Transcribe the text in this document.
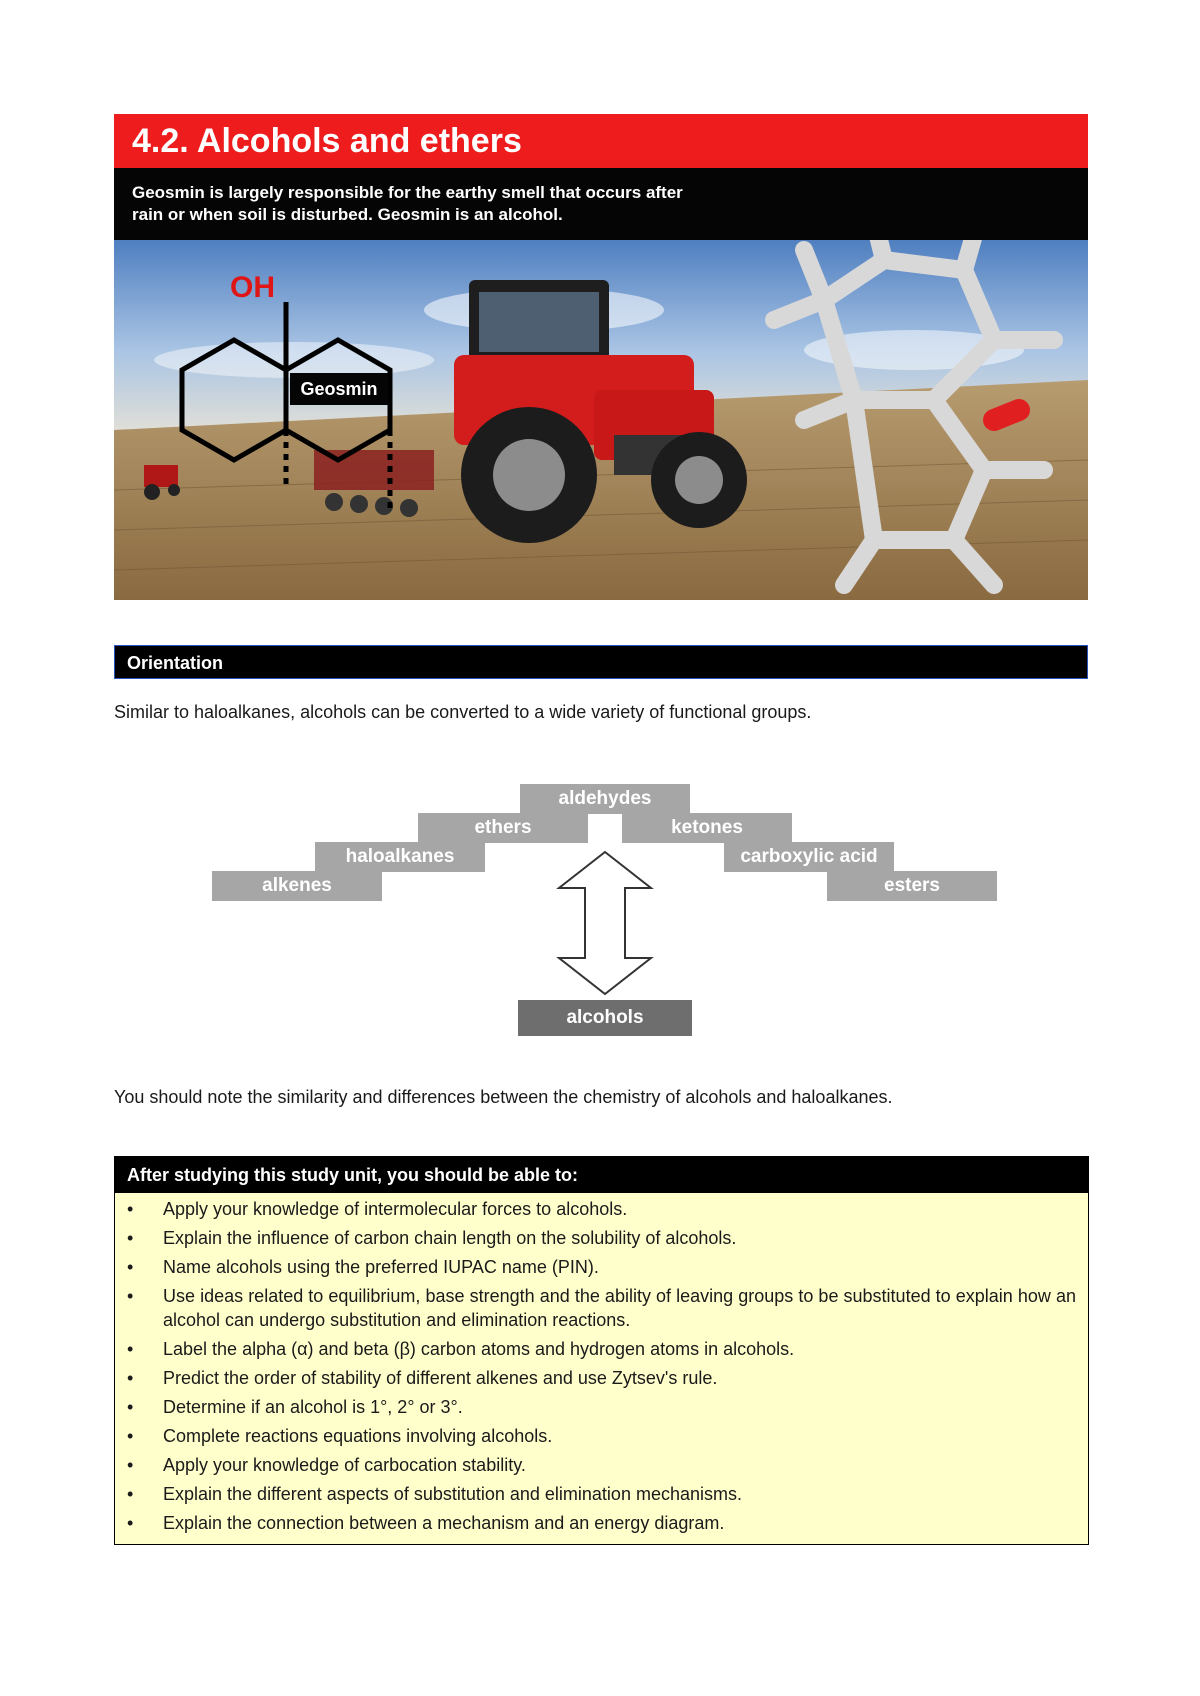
4.2. Alcohols and ethers
Geosmin is largely responsible for the earthy smell that occurs after
rain or when soil is disturbed. Geosmin is an alcohol.
OH
Geosmin
Orientation
Similar to haloalkanes, alcohols can be converted to a wide variety of functional groups.
aldehydes
ethers	ketones
haloalkanes	carboxylic acid
alkenes	esters
alcohols
You should note the similarity and differences between the chemistry of alcohols and haloalkanes.
After studying this study unit, you should be able to:
• Apply your knowledge of intermolecular forces to alcohols.
• Explain the influence of carbon chain length on the solubility of alcohols.
• Name alcohols using the preferred IUPAC name (PIN).
• Use ideas related to equilibrium, base strength and the ability of leaving groups to be substituted to explain how an alcohol can undergo substitution and elimination reactions.
• Label the alpha (α) and beta (β) carbon atoms and hydrogen atoms in alcohols.
• Predict the order of stability of different alkenes and use Zytsev's rule.
• Determine if an alcohol is 1°, 2° or 3°.
• Complete reactions equations involving alcohols.
• Apply your knowledge of carbocation stability.
• Explain the different aspects of substitution and elimination mechanisms.
• Explain the connection between a mechanism and an energy diagram.
